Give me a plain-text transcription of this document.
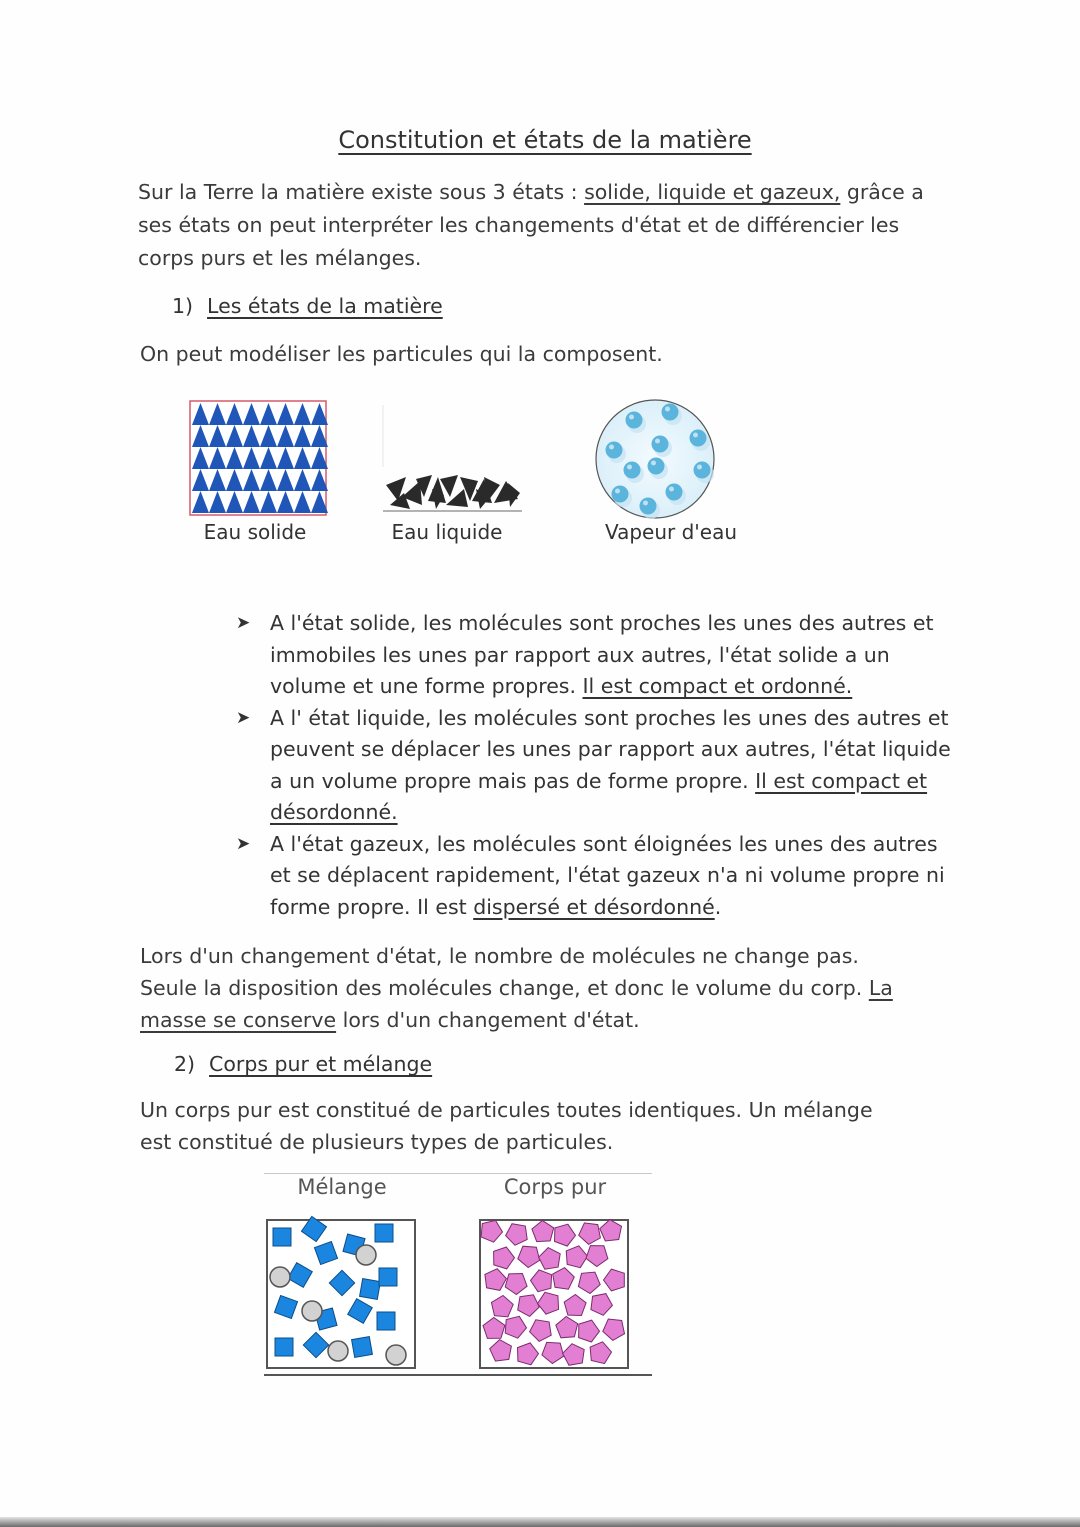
Constitution et états de la matière
Sur la Terre la matière existe sous 3 états : solide, liquide et gazeux, grâce a ses états on peut interpréter les changements d'état et de différencier les corps purs et les mélanges.
1) Les états de la matière
On peut modéliser les particules qui la composent.
Eau solide	Eau liquide	Vapeur d'eau
➤ A l'état solide, les molécules sont proches les unes des autres et immobiles les unes par rapport aux autres, l'état solide a un volume et une forme propres. Il est compact et ordonné.
➤ A l' état liquide, les molécules sont proches les unes des autres et peuvent se déplacer les unes par rapport aux autres, l'état liquide a un volume propre mais pas de forme propre. Il est compact et désordonné.
➤ A l'état gazeux, les molécules sont éloignées les unes des autres et se déplacent rapidement, l'état gazeux n'a ni volume propre ni forme propre. Il est dispersé et désordonné.
Lors d'un changement d'état, le nombre de molécules ne change pas. Seule la disposition des molécules change, et donc le volume du corp. La masse se conserve lors d'un changement d'état.
2) Corps pur et mélange
Un corps pur est constitué de particules toutes identiques. Un mélange est constitué de plusieurs types de particules.
Mélange	Corps pur
